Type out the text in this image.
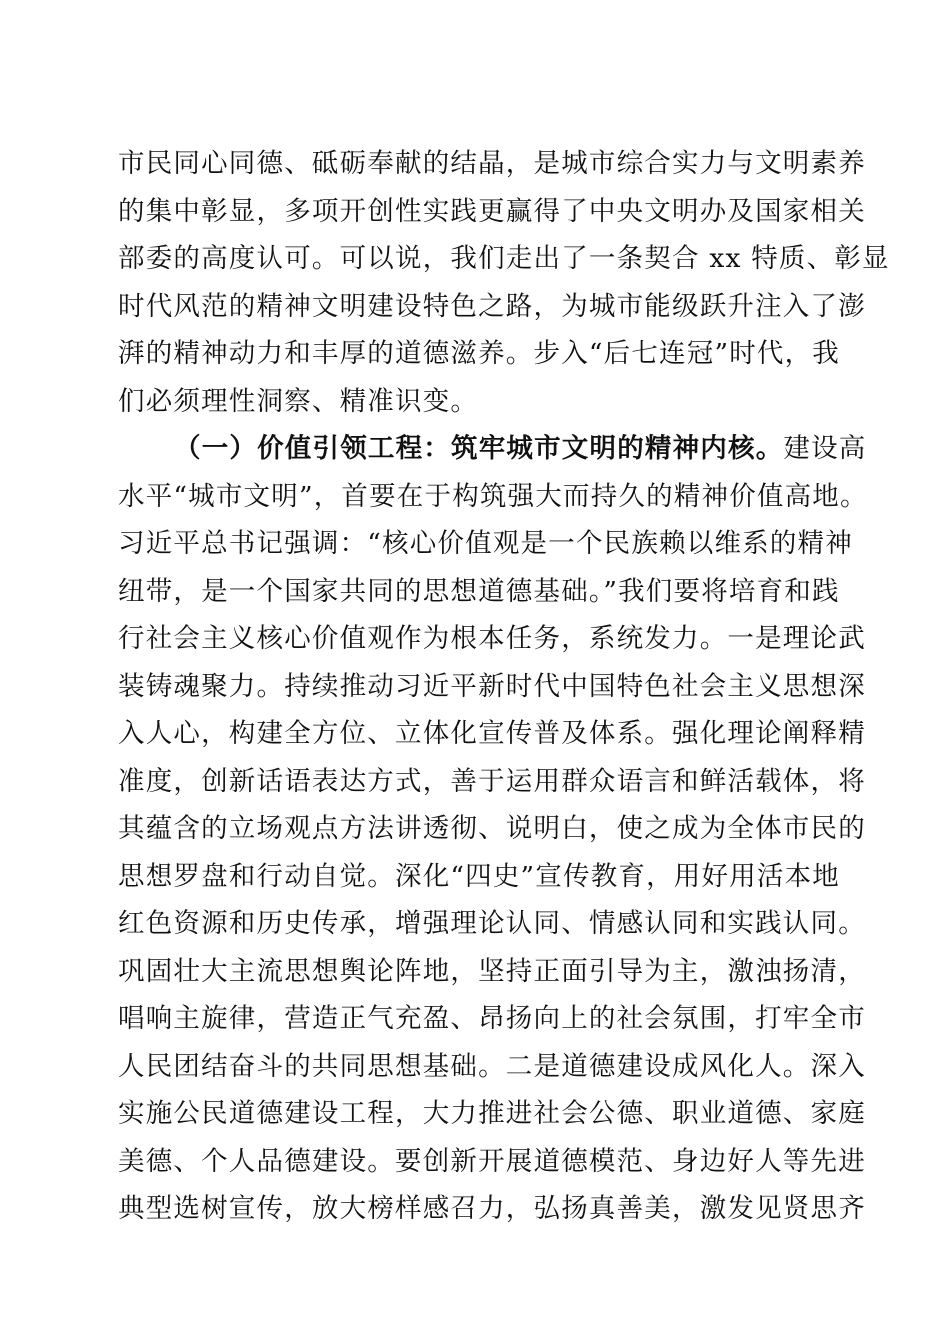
市民同心同德、砥砺奉献的结晶，是城市综合实力与文明素养
的集中彰显，多项开创性实践更赢得了中央文明办及国家相关
部委的高度认可。可以说，我们走出了一条契合 xx 特质、彰显
时代风范的精神文明建设特色之路，为城市能级跃升注入了澎
湃的精神动力和丰厚的道德滋养。步入“后七连冠”时代，我
们必须理性洞察、精准识变。
（一）价值引领工程：筑牢城市文明的精神内核。建设高
水平“城市文明”，首要在于构筑强大而持久的精神价值高地。
习近平总书记强调：“核心价值观是一个民族赖以维系的精神
纽带，是一个国家共同的思想道德基础。”我们要将培育和践
行社会主义核心价值观作为根本任务，系统发力。一是理论武
装铸魂聚力。持续推动习近平新时代中国特色社会主义思想深
入人心，构建全方位、立体化宣传普及体系。强化理论阐释精
准度，创新话语表达方式，善于运用群众语言和鲜活载体，将
其蕴含的立场观点方法讲透彻、说明白，使之成为全体市民的
思想罗盘和行动自觉。深化“四史”宣传教育，用好用活本地
红色资源和历史传承，增强理论认同、情感认同和实践认同。
巩固壮大主流思想舆论阵地，坚持正面引导为主，激浊扬清，
唱响主旋律，营造正气充盈、昂扬向上的社会氛围，打牢全市
人民团结奋斗的共同思想基础。二是道德建设成风化人。深入
实施公民道德建设工程，大力推进社会公德、职业道德、家庭
美德、个人品德建设。要创新开展道德模范、身边好人等先进
典型选树宣传，放大榜样感召力，弘扬真善美，激发见贤思齐
